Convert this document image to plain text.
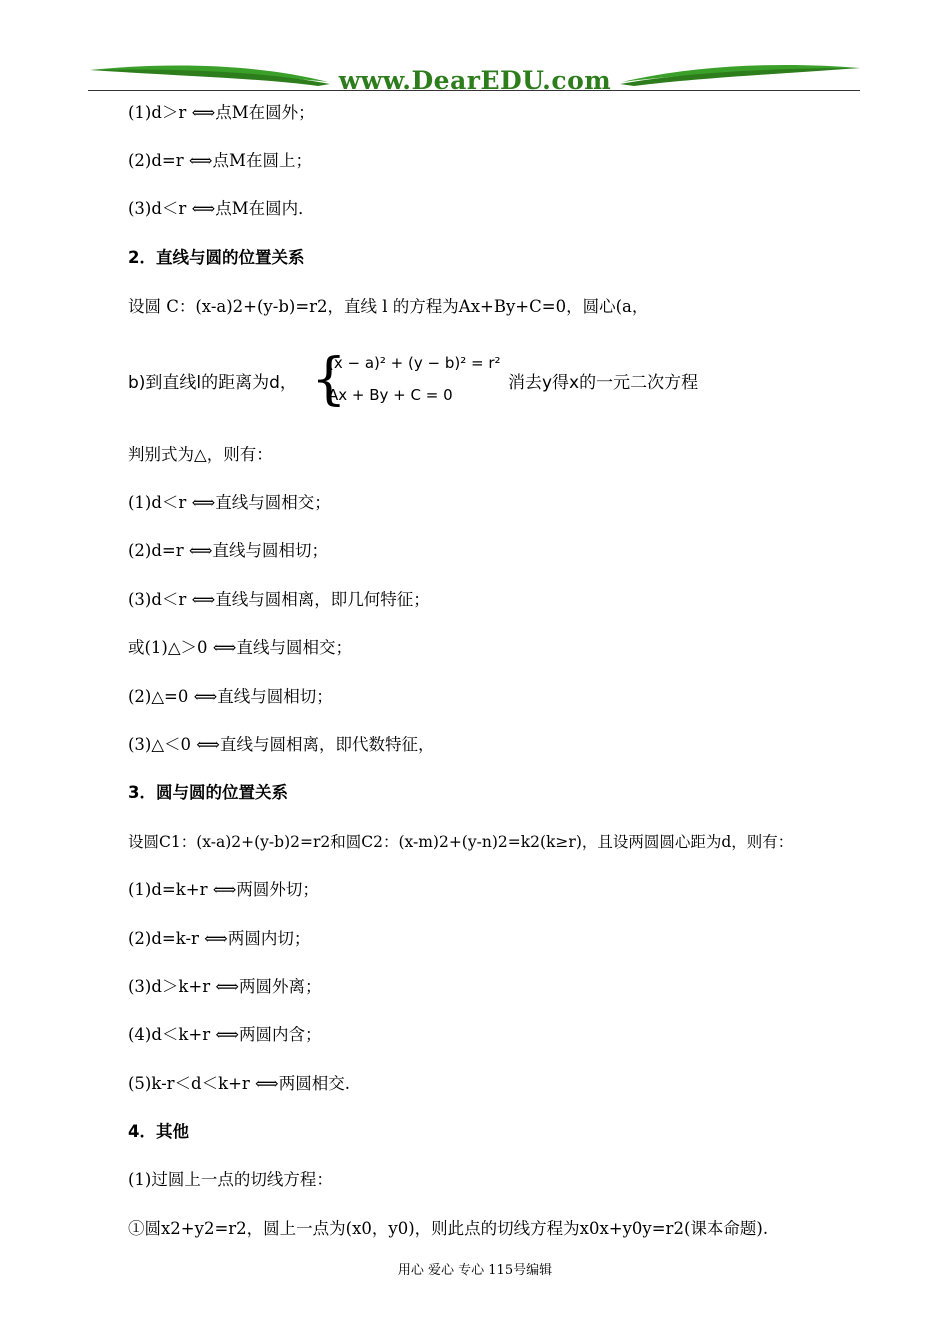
www.DearEDU.com
(1)d＞r ⟺点M在圆外；
(2)d=r ⟺点M在圆上；
(3)d＜r ⟺点M在圆内．
2．直线与圆的位置关系
设圆 C：(x-a)2+(y-b)=r2，直线 l 的方程为Ax+By+C=0，圆心(a，
b)到直线l的距离为d， {
(x − a)² + (y − b)² = r²
Ax + By + C = 0
消去y得x的一元二次方程
判别式为△，则有：
(1)d＜r ⟺直线与圆相交；
(2)d=r ⟺直线与圆相切；
(3)d＜r ⟺直线与圆相离，即几何特征；
或(1)△＞0 ⟺直线与圆相交；
(2)△=0 ⟺直线与圆相切；
(3)△＜0 ⟺直线与圆相离，即代数特征，
3．圆与圆的位置关系
设圆C1：(x-a)2+(y-b)2=r2和圆C2：(x-m)2+(y-n)2=k2(k≥r)，且设两圆圆心距为d，则有：
(1)d=k+r ⟺两圆外切；
(2)d=k-r ⟺两圆内切；
(3)d＞k+r ⟺两圆外离；
(4)d＜k+r ⟺两圆内含；
(5)k-r＜d＜k+r ⟺两圆相交.
4．其他
(1)过圆上一点的切线方程：
①圆x2+y2=r2，圆上一点为(x0，y0)，则此点的切线方程为x0x+y0y=r2(课本命题).
用心 爱心 专心 115号编辑
